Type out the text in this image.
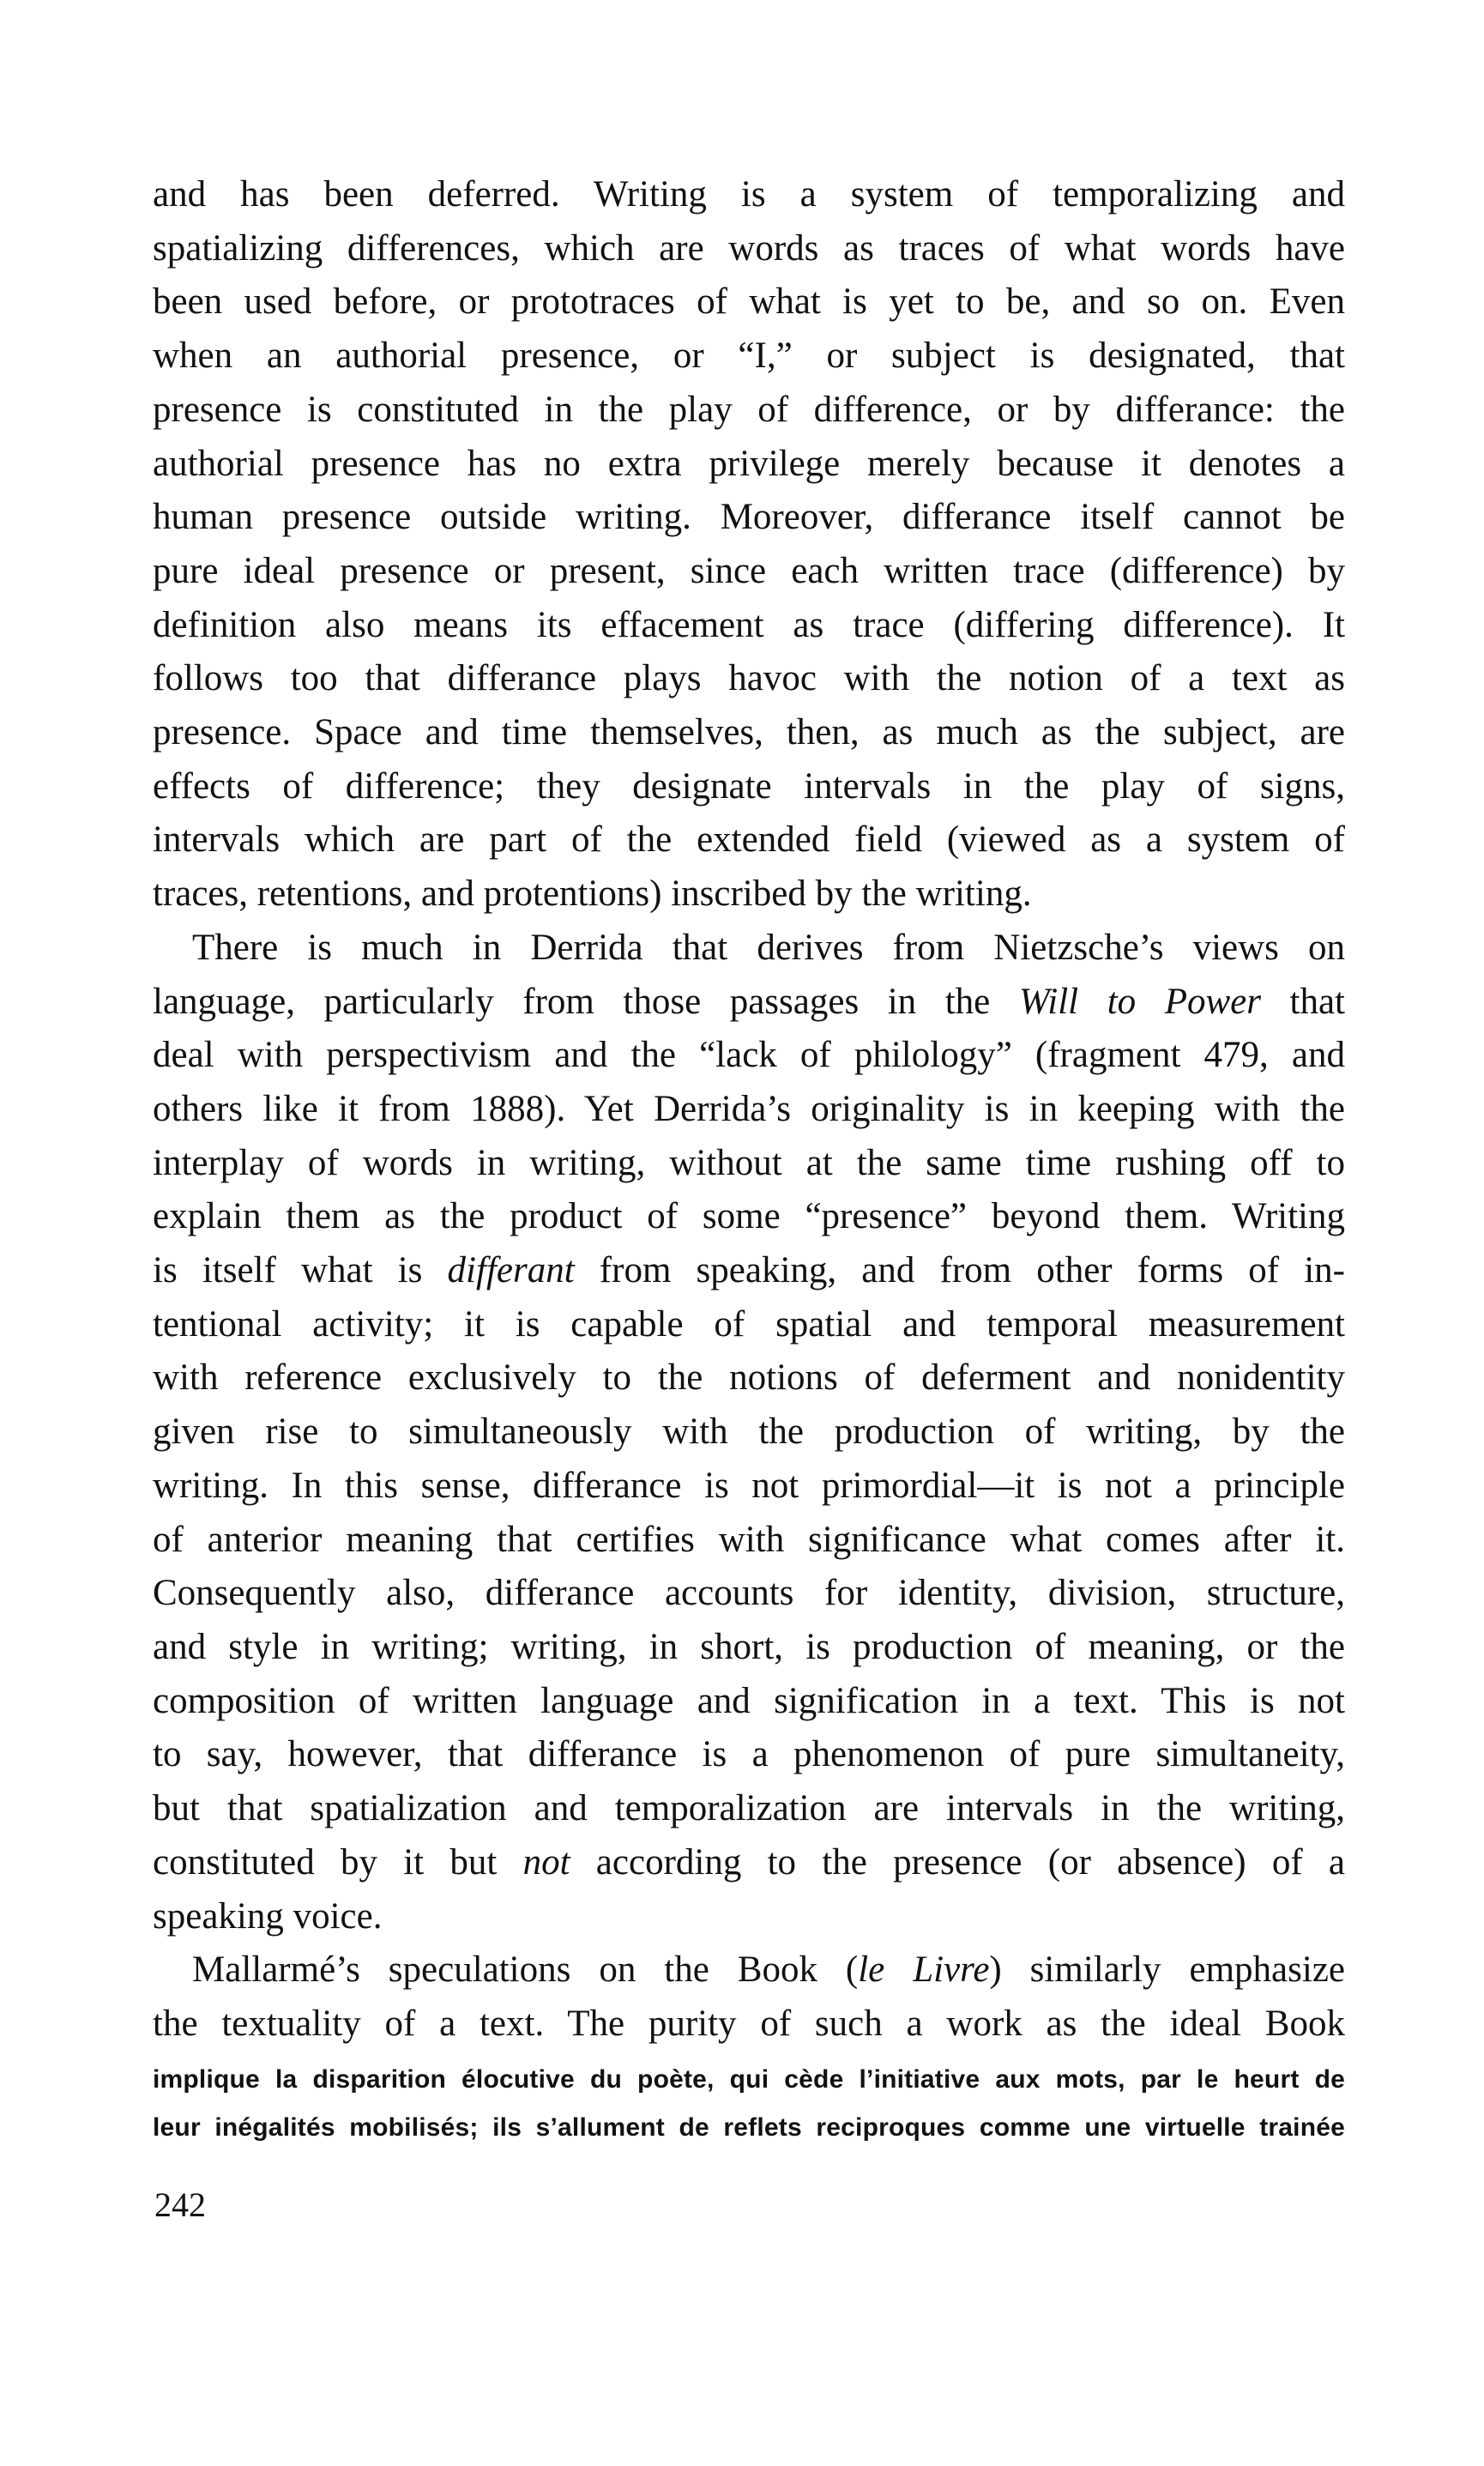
and has been deferred. Writing is a system of temporalizing and
spatializing differences, which are words as traces of what words have
been used before, or prototraces of what is yet to be, and so on. Even
when an authorial presence, or “I,” or subject is designated, that
presence is constituted in the play of difference, or by differance: the
authorial presence has no extra privilege merely because it denotes a
human presence outside writing. Moreover, differance itself cannot be
pure ideal presence or present, since each written trace (difference) by
definition also means its effacement as trace (differing difference). It
follows too that differance plays havoc with the notion of a text as
presence. Space and time themselves, then, as much as the subject, are
effects of difference; they designate intervals in the play of signs,
intervals which are part of the extended field (viewed as a system of
traces, retentions, and protentions) inscribed by the writing.
There is much in Derrida that derives from Nietzsche’s views on
language, particularly from those passages in the Will to Power that
deal with perspectivism and the “lack of philology” (fragment 479, and
others like it from 1888). Yet Derrida’s originality is in keeping with the
interplay of words in writing, without at the same time rushing off to
explain them as the product of some “presence” beyond them. Writing
is itself what is differant from speaking, and from other forms of in-
tentional activity; it is capable of spatial and temporal measurement
with reference exclusively to the notions of deferment and nonidentity
given rise to simultaneously with the production of writing, by the
writing. In this sense, differance is not primordial—it is not a principle
of anterior meaning that certifies with significance what comes after it.
Consequently also, differance accounts for identity, division, structure,
and style in writing; writing, in short, is production of meaning, or the
composition of written language and signification in a text. This is not
to say, however, that differance is a phenomenon of pure simultaneity,
but that spatialization and temporalization are intervals in the writing,
constituted by it but not according to the presence (or absence) of a
speaking voice.
Mallarmé’s speculations on the Book (le Livre) similarly emphasize
the textuality of a text. The purity of such a work as the ideal Book
implique la disparition élocutive du poète, qui cède l’initiative aux mots, par le heurt de
leur inégalités mobilisés; ils s’allument de reflets reciproques comme une virtuelle trainée
242
